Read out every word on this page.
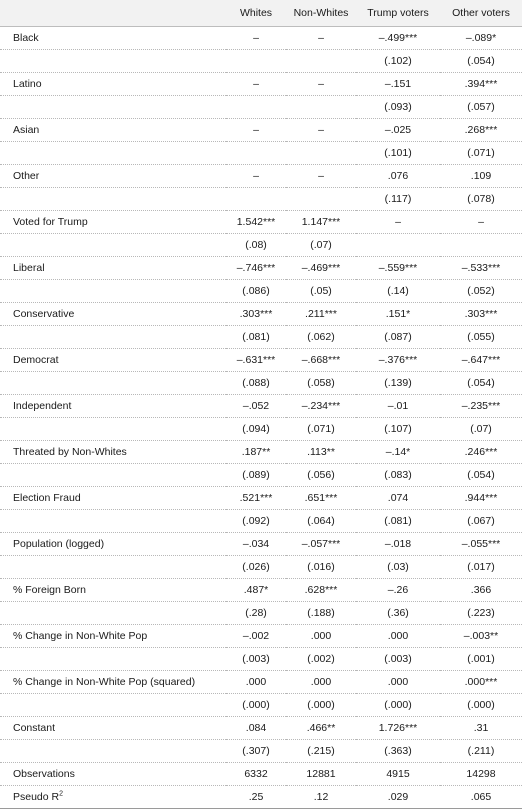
	Whites	Non-Whites	Trump voters	Other voters
Black	–	–	–.499***	–.089*
			(.102)	(.054)
Latino	–	–	–.151	.394***
			(.093)	(.057)
Asian	–	–	–.025	.268***
			(.101)	(.071)
Other	–	–	.076	.109
			(.117)	(.078)
Voted for Trump	1.542***	1.147***	–	–
	(.08)	(.07)		
Liberal	–.746***	–.469***	–.559***	–.533***
	(.086)	(.05)	(.14)	(.052)
Conservative	.303***	.211***	.151*	.303***
	(.081)	(.062)	(.087)	(.055)
Democrat	–.631***	–.668***	–.376***	–.647***
	(.088)	(.058)	(.139)	(.054)
Independent	–.052	–.234***	–.01	–.235***
	(.094)	(.071)	(.107)	(.07)
Threated by Non-Whites	.187**	.113**	–.14*	.246***
	(.089)	(.056)	(.083)	(.054)
Election Fraud	.521***	.651***	.074	.944***
	(.092)	(.064)	(.081)	(.067)
Population (logged)	–.034	–.057***	–.018	–.055***
	(.026)	(.016)	(.03)	(.017)
% Foreign Born	.487*	.628***	–.26	.366
	(.28)	(.188)	(.36)	(.223)
% Change in Non-White Pop	–.002	.000	.000	–.003**
	(.003)	(.002)	(.003)	(.001)
% Change in Non-White Pop (squared)	.000	.000	.000	.000***
	(.000)	(.000)	(.000)	(.000)
Constant	.084	.466**	1.726***	.31
	(.307)	(.215)	(.363)	(.211)
Observations	6332	12881	4915	14298
Pseudo $R^2$	.25	.12	.029	.065
